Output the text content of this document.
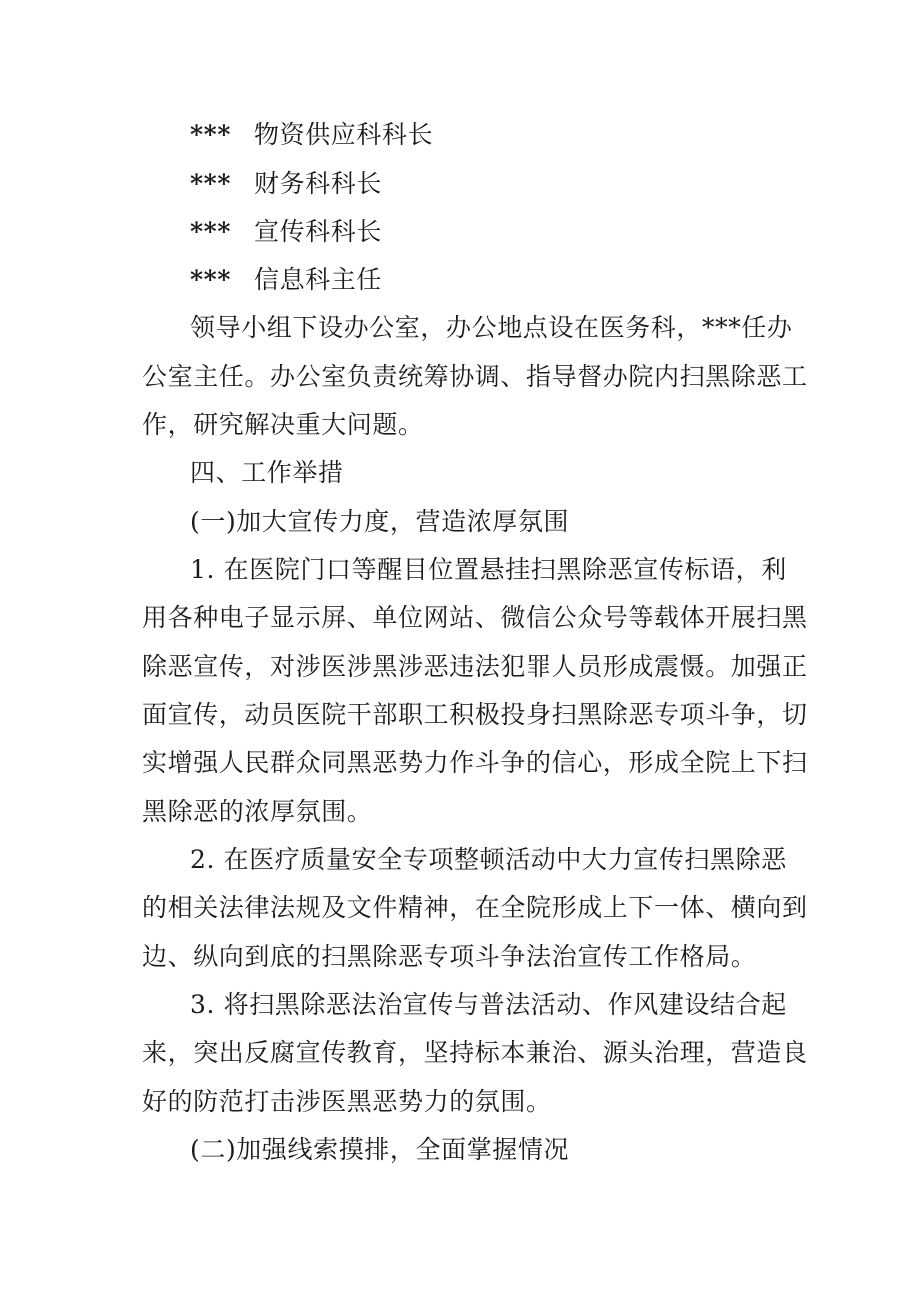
*** 物资供应科科长
*** 财务科科长
*** 宣传科科长
*** 信息科主任
领导小组下设办公室，办公地点设在医务科，***任办
公室主任。办公室负责统筹协调、指导督办院内扫黑除恶工
作，研究解决重大问题。
四、工作举措
(一)加大宣传力度，营造浓厚氛围
1. 在医院门口等醒目位置悬挂扫黑除恶宣传标语，利
用各种电子显示屏、单位网站、微信公众号等载体开展扫黑
除恶宣传，对涉医涉黑涉恶违法犯罪人员形成震慑。加强正
面宣传，动员医院干部职工积极投身扫黑除恶专项斗争，切
实增强人民群众同黑恶势力作斗争的信心，形成全院上下扫
黑除恶的浓厚氛围。
2. 在医疗质量安全专项整顿活动中大力宣传扫黑除恶
的相关法律法规及文件精神，在全院形成上下一体、横向到
边、纵向到底的扫黑除恶专项斗争法治宣传工作格局。
3. 将扫黑除恶法治宣传与普法活动、作风建设结合起
来，突出反腐宣传教育，坚持标本兼治、源头治理，营造良
好的防范打击涉医黑恶势力的氛围。
(二)加强线索摸排，全面掌握情况
